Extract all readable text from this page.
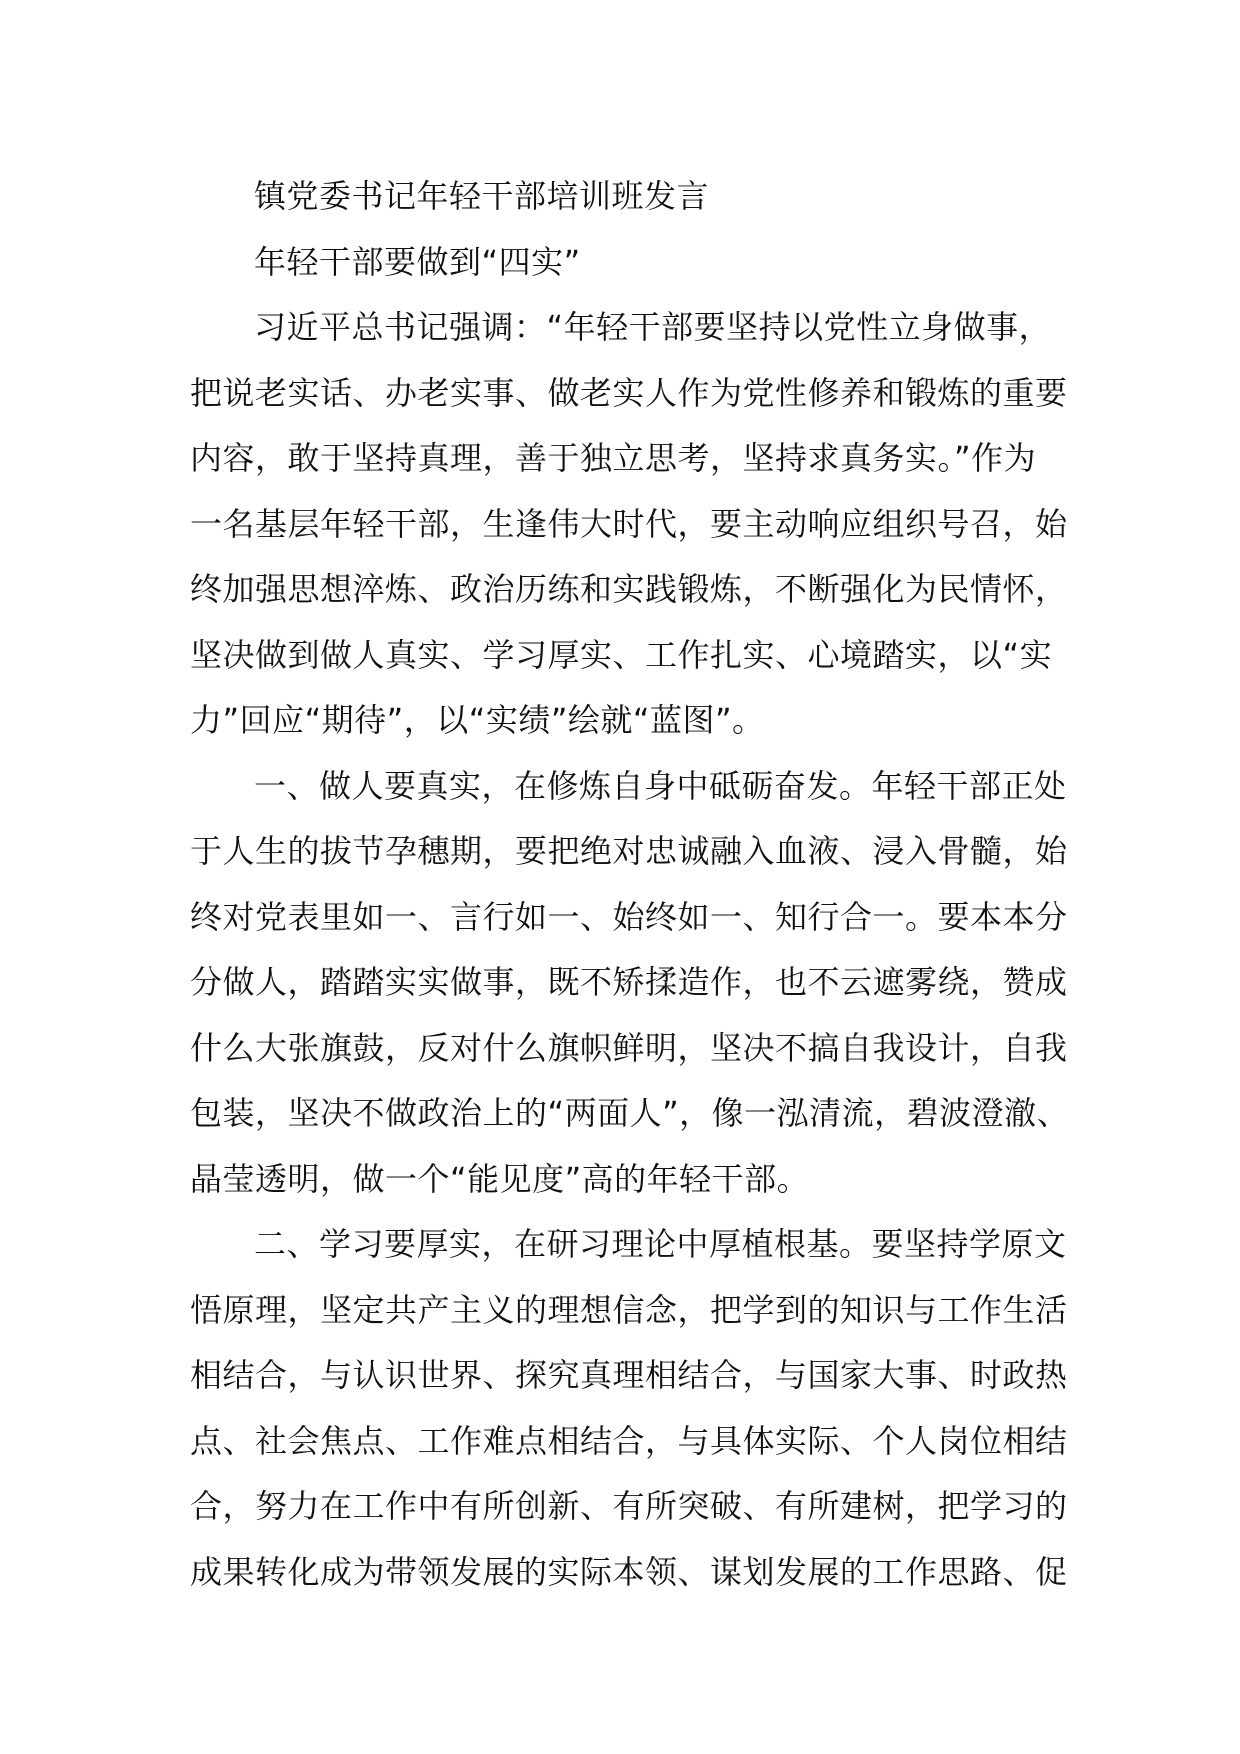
镇党委书记年轻干部培训班发言
年轻干部要做到“四实”
习近平总书记强调：“年轻干部要坚持以党性立身做事，
把说老实话、办老实事、做老实人作为党性修养和锻炼的重要
内容，敢于坚持真理，善于独立思考，坚持求真务实。”作为
一名基层年轻干部，生逢伟大时代，要主动响应组织号召，始
终加强思想淬炼、政治历练和实践锻炼，不断强化为民情怀，
坚决做到做人真实、学习厚实、工作扎实、心境踏实，以“实
力”回应“期待”，以“实绩”绘就“蓝图”。
一、做人要真实，在修炼自身中砥砺奋发。年轻干部正处
于人生的拔节孕穗期，要把绝对忠诚融入血液、浸入骨髓，始
终对党表里如一、言行如一、始终如一、知行合一。要本本分
分做人，踏踏实实做事，既不矫揉造作，也不云遮雾绕，赞成
什么大张旗鼓，反对什么旗帜鲜明，坚决不搞自我设计，自我
包装，坚决不做政治上的“两面人”，像一泓清流，碧波澄澈、
晶莹透明，做一个“能见度”高的年轻干部。
二、学习要厚实，在研习理论中厚植根基。要坚持学原文
悟原理，坚定共产主义的理想信念，把学到的知识与工作生活
相结合，与认识世界、探究真理相结合，与国家大事、时政热
点、社会焦点、工作难点相结合，与具体实际、个人岗位相结
合，努力在工作中有所创新、有所突破、有所建树，把学习的
成果转化成为带领发展的实际本领、谋划发展的工作思路、促
